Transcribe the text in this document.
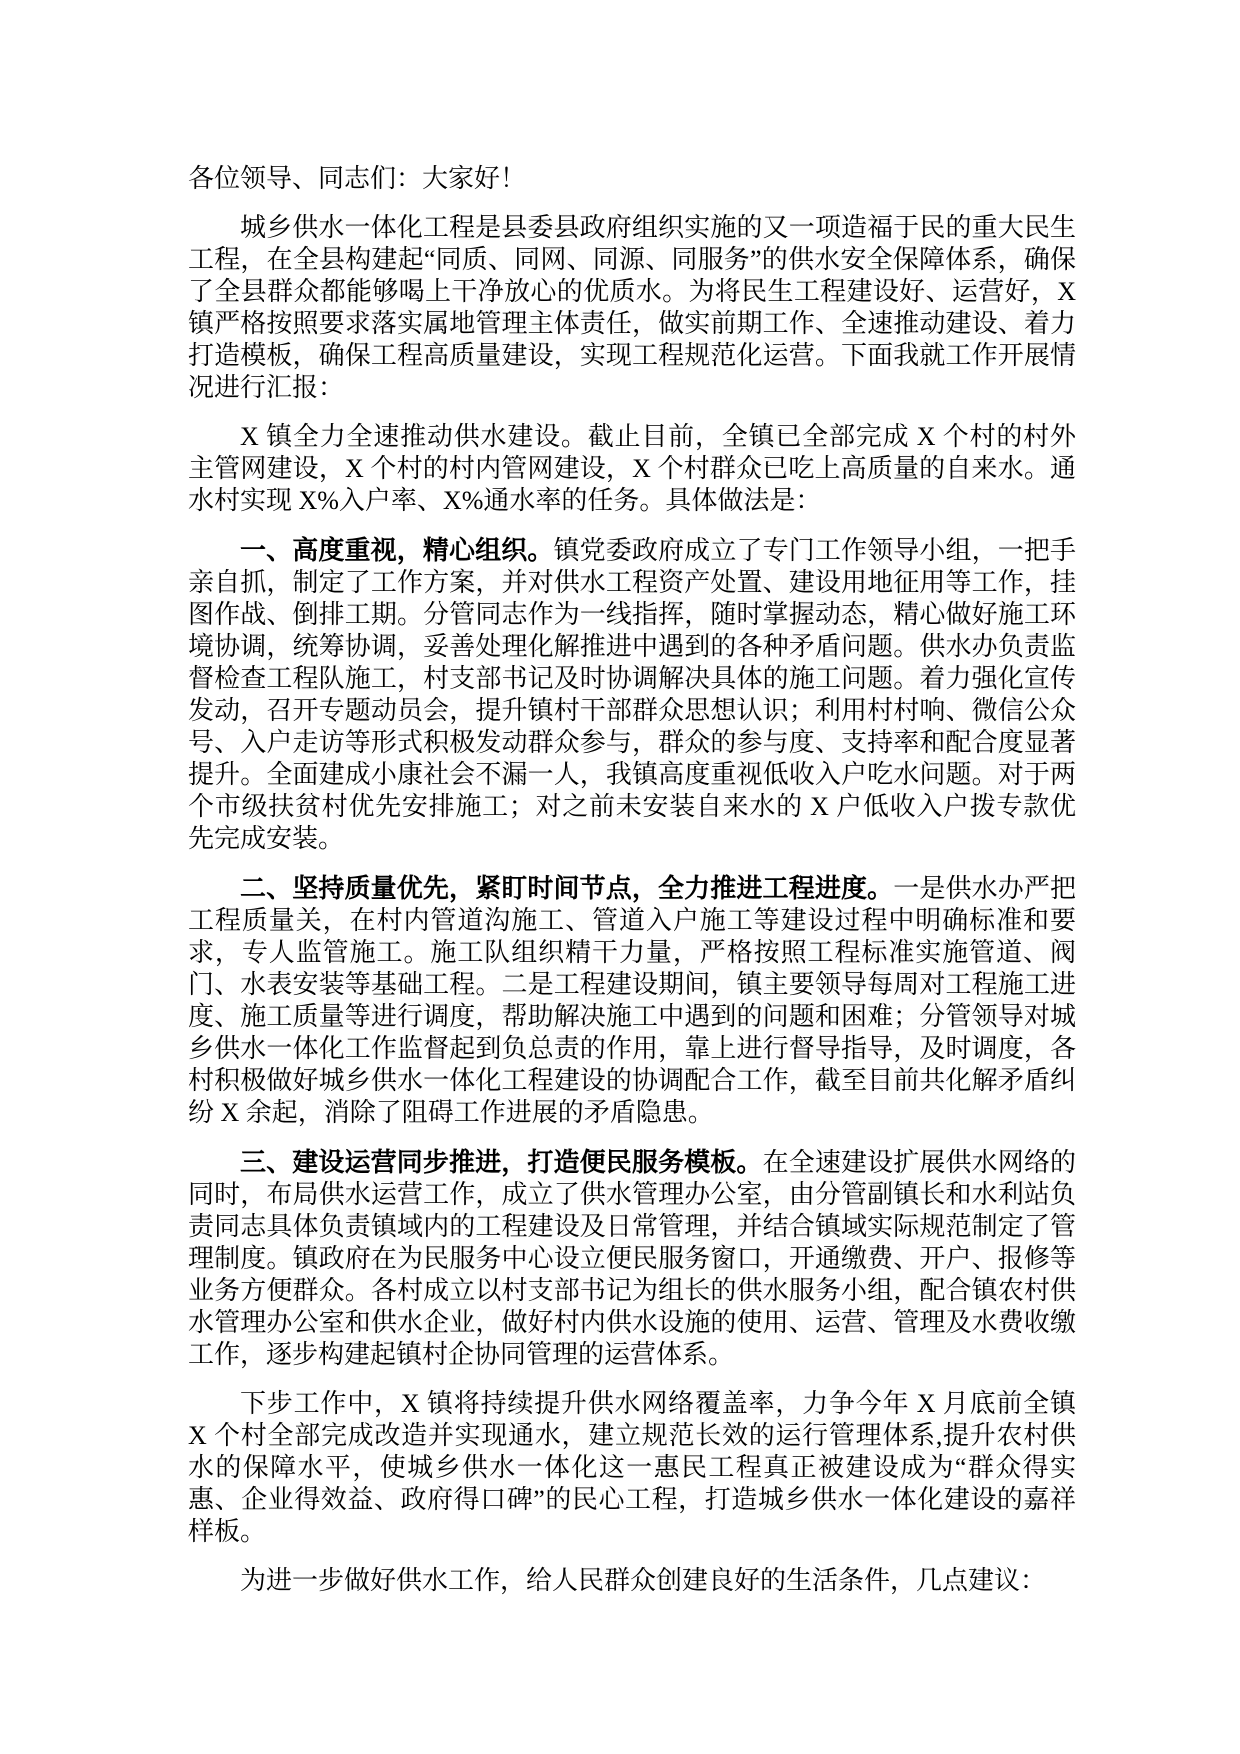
各位领导、同志们：大家好！

城乡供水一体化工程是县委县政府组织实施的又一项造福于民的重大民生工程，在全县构建起“同质、同网、同源、同服务”的供水安全保障体系，确保了全县群众都能够喝上干净放心的优质水。为将民生工程建设好、运营好，X 镇严格按照要求落实属地管理主体责任，做实前期工作、全速推动建设、着力打造模板，确保工程高质量建设，实现工程规范化运营。下面我就工作开展情况进行汇报：

X 镇全力全速推动供水建设。截止目前，全镇已全部完成 X 个村的村外主管网建设，X 个村的村内管网建设，X 个村群众已吃上高质量的自来水。通水村实现 X%入户率、X%通水率的任务。具体做法是：

一、高度重视，精心组织。镇党委政府成立了专门工作领导小组，一把手亲自抓，制定了工作方案，并对供水工程资产处置、建设用地征用等工作，挂图作战、倒排工期。分管同志作为一线指挥，随时掌握动态，精心做好施工环境协调，统筹协调，妥善处理化解推进中遇到的各种矛盾问题。供水办负责监督检查工程队施工，村支部书记及时协调解决具体的施工问题。着力强化宣传发动，召开专题动员会，提升镇村干部群众思想认识；利用村村响、微信公众号、入户走访等形式积极发动群众参与，群众的参与度、支持率和配合度显著提升。全面建成小康社会不漏一人，我镇高度重视低收入户吃水问题。对于两个市级扶贫村优先安排施工；对之前未安装自来水的 X 户低收入户拨专款优先完成安装。

二、坚持质量优先，紧盯时间节点，全力推进工程进度。一是供水办严把工程质量关，在村内管道沟施工、管道入户施工等建设过程中明确标准和要求，专人监管施工。施工队组织精干力量，严格按照工程标准实施管道、阀门、水表安装等基础工程。二是工程建设期间，镇主要领导每周对工程施工进度、施工质量等进行调度，帮助解决施工中遇到的问题和困难；分管领导对城乡供水一体化工作监督起到负总责的作用，靠上进行督导指导，及时调度，各村积极做好城乡供水一体化工程建设的协调配合工作，截至目前共化解矛盾纠纷 X 余起，消除了阻碍工作进展的矛盾隐患。

三、建设运营同步推进，打造便民服务模板。在全速建设扩展供水网络的同时，布局供水运营工作，成立了供水管理办公室，由分管副镇长和水利站负责同志具体负责镇域内的工程建设及日常管理，并结合镇域实际规范制定了管理制度。镇政府在为民服务中心设立便民服务窗口，开通缴费、开户、报修等业务方便群众。各村成立以村支部书记为组长的供水服务小组，配合镇农村供水管理办公室和供水企业，做好村内供水设施的使用、运营、管理及水费收缴工作，逐步构建起镇村企协同管理的运营体系。

下步工作中，X 镇将持续提升供水网络覆盖率，力争今年 X 月底前全镇 X 个村全部完成改造并实现通水，建立规范长效的运行管理体系,提升农村供水的保障水平，使城乡供水一体化这一惠民工程真正被建设成为“群众得实惠、企业得效益、政府得口碑”的民心工程，打造城乡供水一体化建设的嘉祥样板。

为进一步做好供水工作，给人民群众创建良好的生活条件，几点建议：
